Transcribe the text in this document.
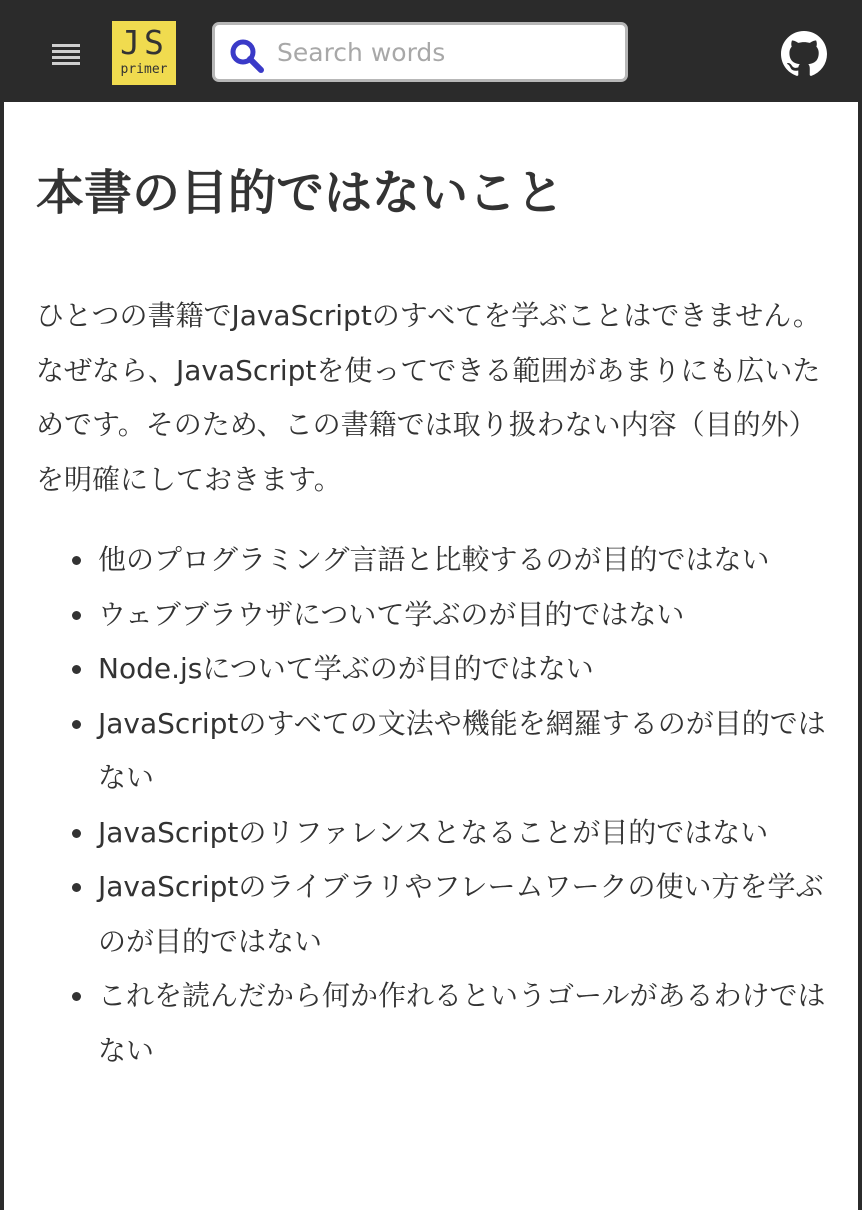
JS
primer
Search words
本書の目的ではないこと

ひとつの書籍でJavaScriptのすべてを学ぶことはできません。なぜなら、JavaScriptを使ってできる範囲があまりにも広いためです。そのため、この書籍では取り扱わない内容（目的外）を明確にしておきます。

他のプログラミング言語と比較するのが目的ではない
ウェブブラウザについて学ぶのが目的ではない
Node.jsについて学ぶのが目的ではない
JavaScriptのすべての文法や機能を網羅するのが目的ではない
JavaScriptのリファレンスとなることが目的ではない
JavaScriptのライブラリやフレームワークの使い方を学ぶのが目的ではない
これを読んだから何か作れるというゴールがあるわけではない
